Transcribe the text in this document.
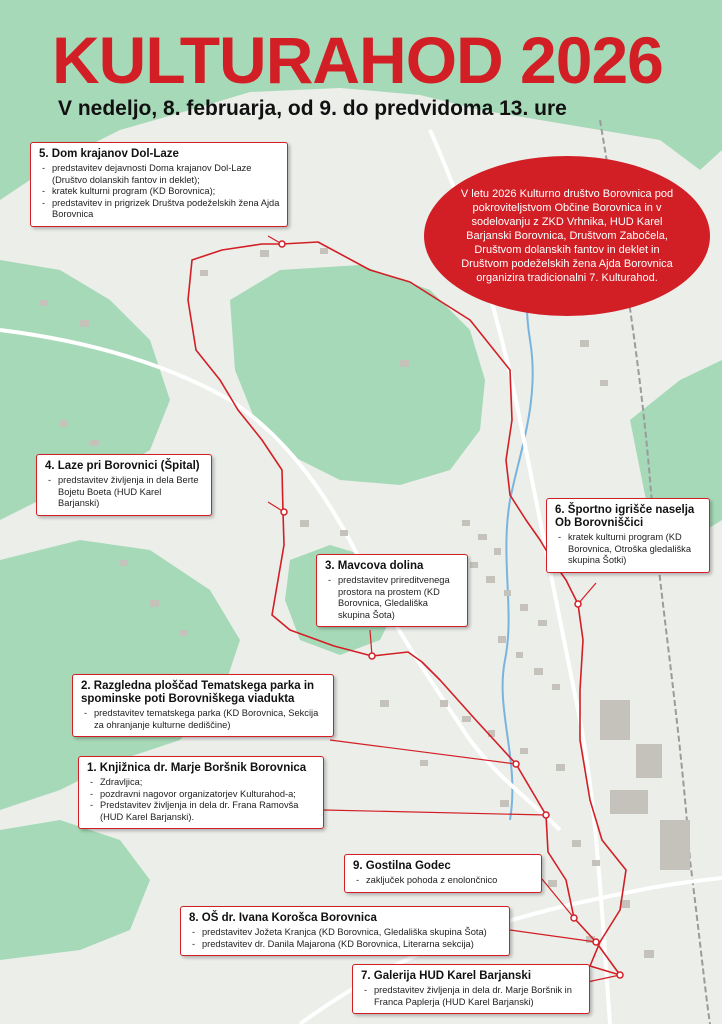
KULTURAHOD 2026
V nedeljo, 8. februarja, od 9. do predvidoma 13. ure

V letu 2026 Kulturno društvo Borovnica pod pokroviteljstvom Občine Borovnica in v sodelovanju z ZKD Vrhnika, HUD Karel Barjanski Borovnica, Društvom Zabočela, Društvom dolanskih fantov in deklet in Društvom podeželskih žena Ajda Borovnica organizira tradicionalni 7. Kulturahod.

5. Dom krajanov Dol-Laze
- predstavitev dejavnosti Doma krajanov Dol-Laze (Društvo dolanskih fantov in deklet);
- kratek kulturni program (KD Borovnica);
- predstavitev in prigrizek Društva podeželskih žena Ajda Borovnica
4. Laze pri Borovnici (Špital)
- predstavitev življenja in dela Berte Bojetu Boeta (HUD Karel Barjanski)
6. Športno igrišče naselja Ob Borovniščici
- kratek kulturni program (KD Borovnica, Otroška gledališka skupina Šotki)
3. Mavcova dolina
- predstavitev prireditvenega prostora na prostem (KD Borovnica, Gledališka skupina Šota)
2. Razgledna ploščad Tematskega parka in spominske poti Borovniškega viadukta
- predstavitev tematskega parka (KD Borovnica, Sekcija za ohranjanje kulturne dediščine)
1. Knjižnica dr. Marje Boršnik Borovnica
- Zdravljica;
- pozdravni nagovor organizatorjev Kulturahod-a;
- Predstavitev življenja in dela dr. Frana Ramovša (HUD Karel Barjanski).
9. Gostilna Godec
- zaključek pohoda z enolončnico
8. OŠ dr. Ivana Korošca Borovnica
- predstavitev Jožeta Kranjca (KD Borovnica, Gledališka skupina Šota)
- predstavitev dr. Danila Majarona (KD Borovnica, Literarna sekcija)
7. Galerija HUD Karel Barjanski
- predstavitev življenja in dela dr. Marje Boršnik in Franca Paplerja (HUD Karel Barjanski)
